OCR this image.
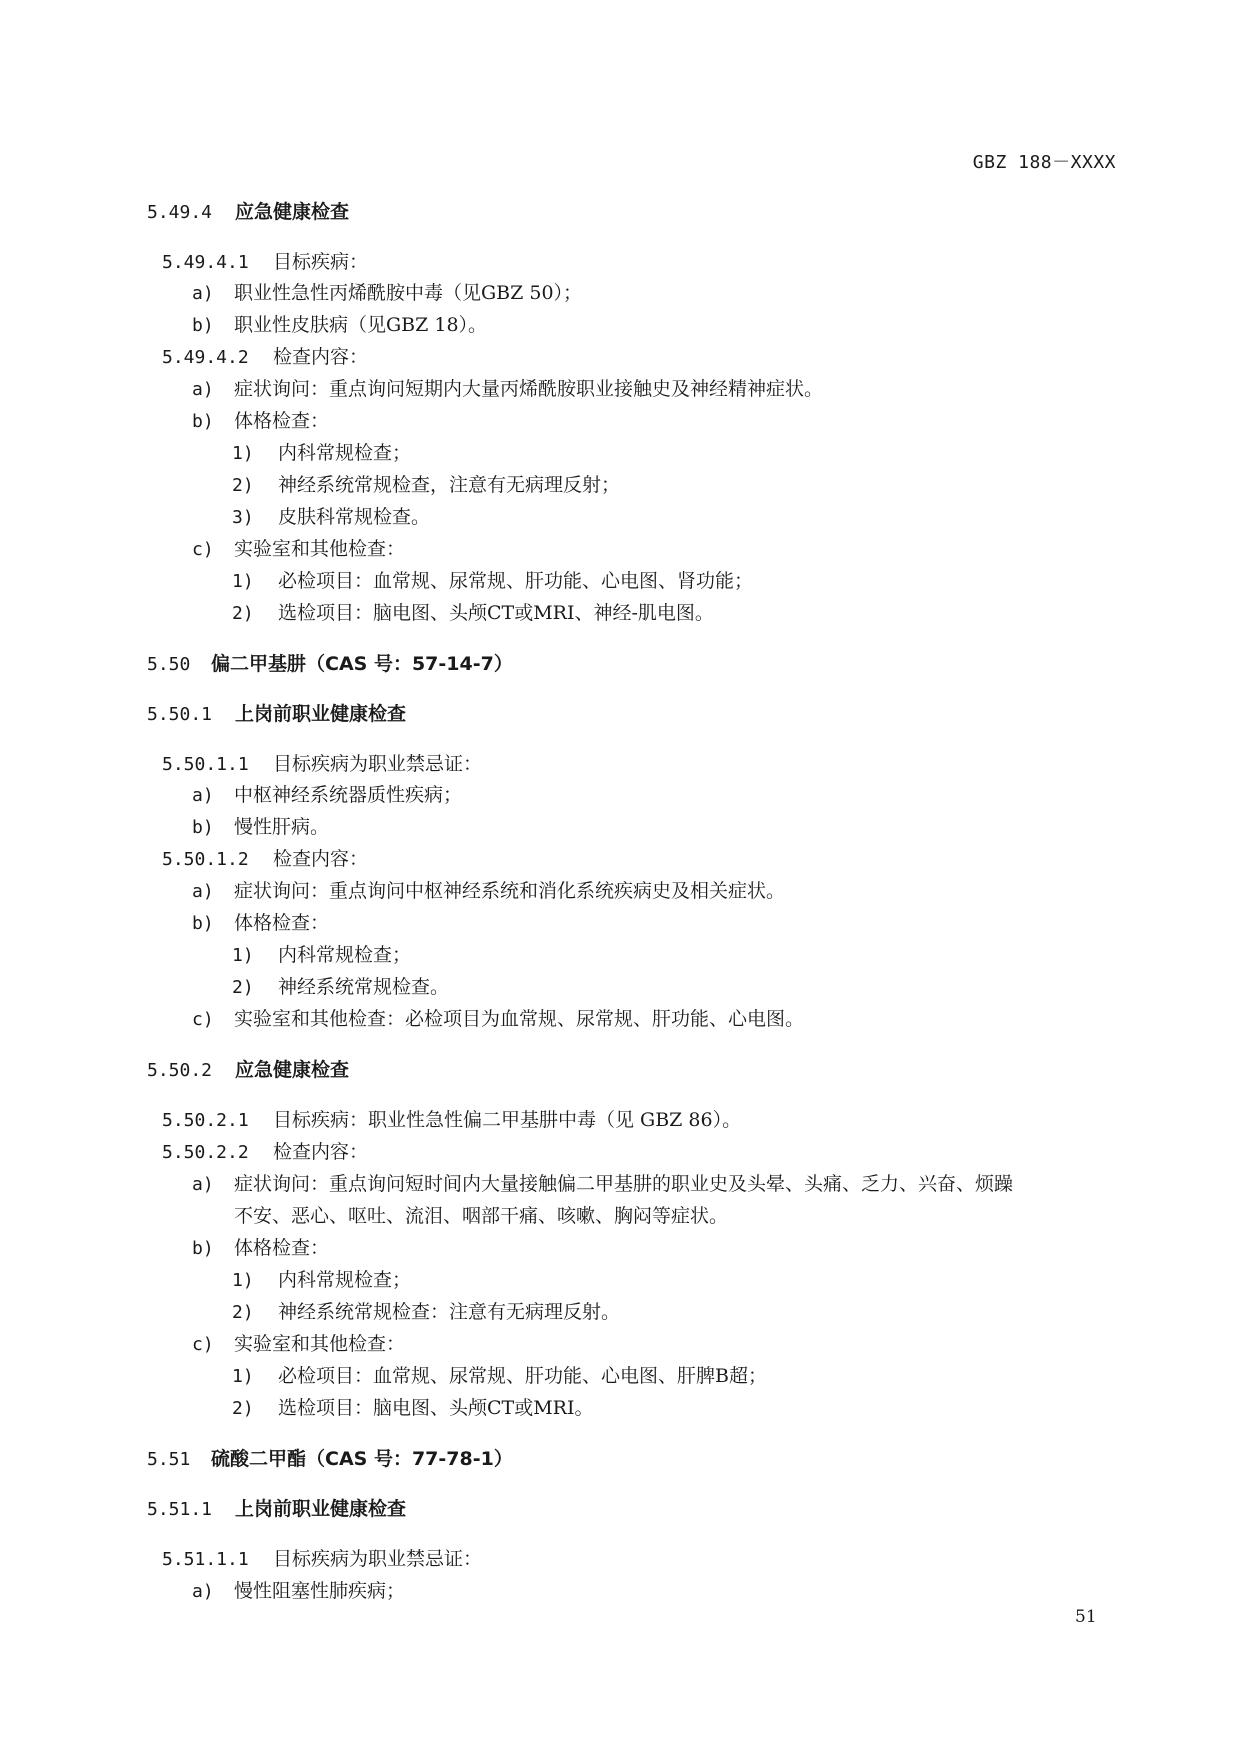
GBZ 188－XXXX
5.49.4 应急健康检查
5.49.4.1 目标疾病：
a) 职业性急性丙烯酰胺中毒（见GBZ 50）；
b) 职业性皮肤病（见GBZ 18）。
5.49.4.2 检查内容：
a) 症状询问：重点询问短期内大量丙烯酰胺职业接触史及神经精神症状。
b) 体格检查：
1) 内科常规检查；
2) 神经系统常规检查，注意有无病理反射；
3) 皮肤科常规检查。
c) 实验室和其他检查：
1) 必检项目：血常规、尿常规、肝功能、心电图、肾功能；
2) 选检项目：脑电图、头颅CT或MRI、神经-肌电图。
5.50 偏二甲基肼（CAS 号：57-14-7）
5.50.1 上岗前职业健康检查
5.50.1.1 目标疾病为职业禁忌证：
a) 中枢神经系统器质性疾病；
b) 慢性肝病。
5.50.1.2 检查内容：
a) 症状询问：重点询问中枢神经系统和消化系统疾病史及相关症状。
b) 体格检查：
1) 内科常规检查；
2) 神经系统常规检查。
c) 实验室和其他检查：必检项目为血常规、尿常规、肝功能、心电图。
5.50.2 应急健康检查
5.50.2.1 目标疾病：职业性急性偏二甲基肼中毒（见 GBZ 86）。
5.50.2.2 检查内容：
a) 症状询问：重点询问短时间内大量接触偏二甲基肼的职业史及头晕、头痛、乏力、兴奋、烦躁
不安、恶心、呕吐、流泪、咽部干痛、咳嗽、胸闷等症状。
b) 体格检查：
1) 内科常规检查；
2) 神经系统常规检查：注意有无病理反射。
c) 实验室和其他检查：
1) 必检项目：血常规、尿常规、肝功能、心电图、肝脾B超；
2) 选检项目：脑电图、头颅CT或MRI。
5.51 硫酸二甲酯（CAS 号：77-78-1）
5.51.1 上岗前职业健康检查
5.51.1.1 目标疾病为职业禁忌证：
a) 慢性阻塞性肺疾病；
51
